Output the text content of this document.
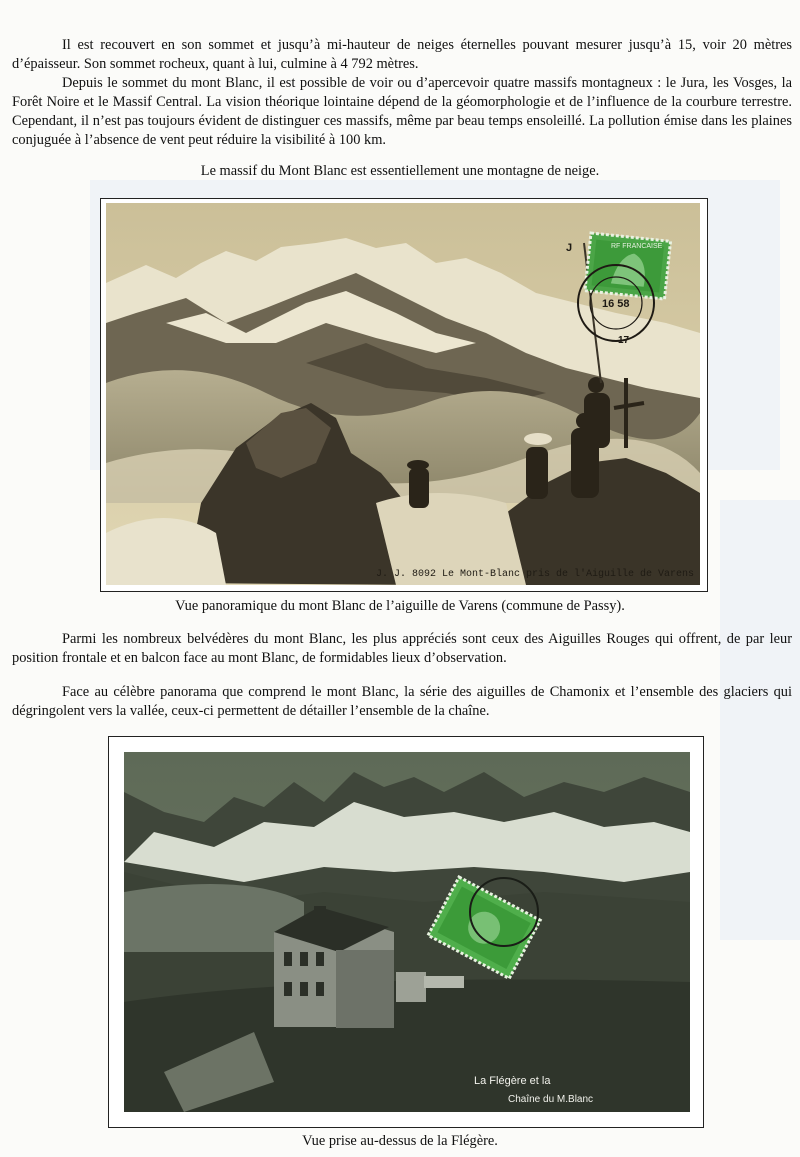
Il est recouvert en son sommet et jusqu’à mi-hauteur de neiges éternelles pouvant mesurer jusqu’à 15, voir 20 mètres d’épaisseur. Son sommet rocheux, quant à lui, culmine à 4 792 mètres.

Depuis le sommet du mont Blanc, il est possible de voir ou d’apercevoir quatre massifs montagneux : le Jura, les Vosges, la Forêt Noire et le Massif Central. La vision théorique lointaine dépend de la géomorphologie et de l’influence de la courbure terrestre. Cependant, il n’est pas toujours évident de distinguer ces massifs, même par beau temps ensoleillé. La pollution émise dans les plaines conjuguée à l’absence de vent peut réduire la visibilité à 100 km.

Le massif du Mont Blanc est essentiellement une montagne de neige.

RF FRANCAISE
16 58
17
J
J. J. 8092 Le Mont-Blanc pris de l'Aiguille de Varens

Vue panoramique du mont Blanc de l’aiguille de Varens (commune de Passy).

Parmi les nombreux belvédères du mont Blanc, les plus appréciés sont ceux des Aiguilles Rouges qui offrent, de par leur position frontale et en balcon face au mont Blanc, de formidables lieux d’observation.

Face au célèbre panorama que comprend le mont Blanc, la série des aiguilles de Chamonix et l’ensemble des glaciers qui dégringolent vers la vallée, ceux-ci permettent de détailler l’ensemble de la chaîne.

La Flégère et la
Chaîne du M.Blanc

Vue prise au-dessus de la Flégère.
